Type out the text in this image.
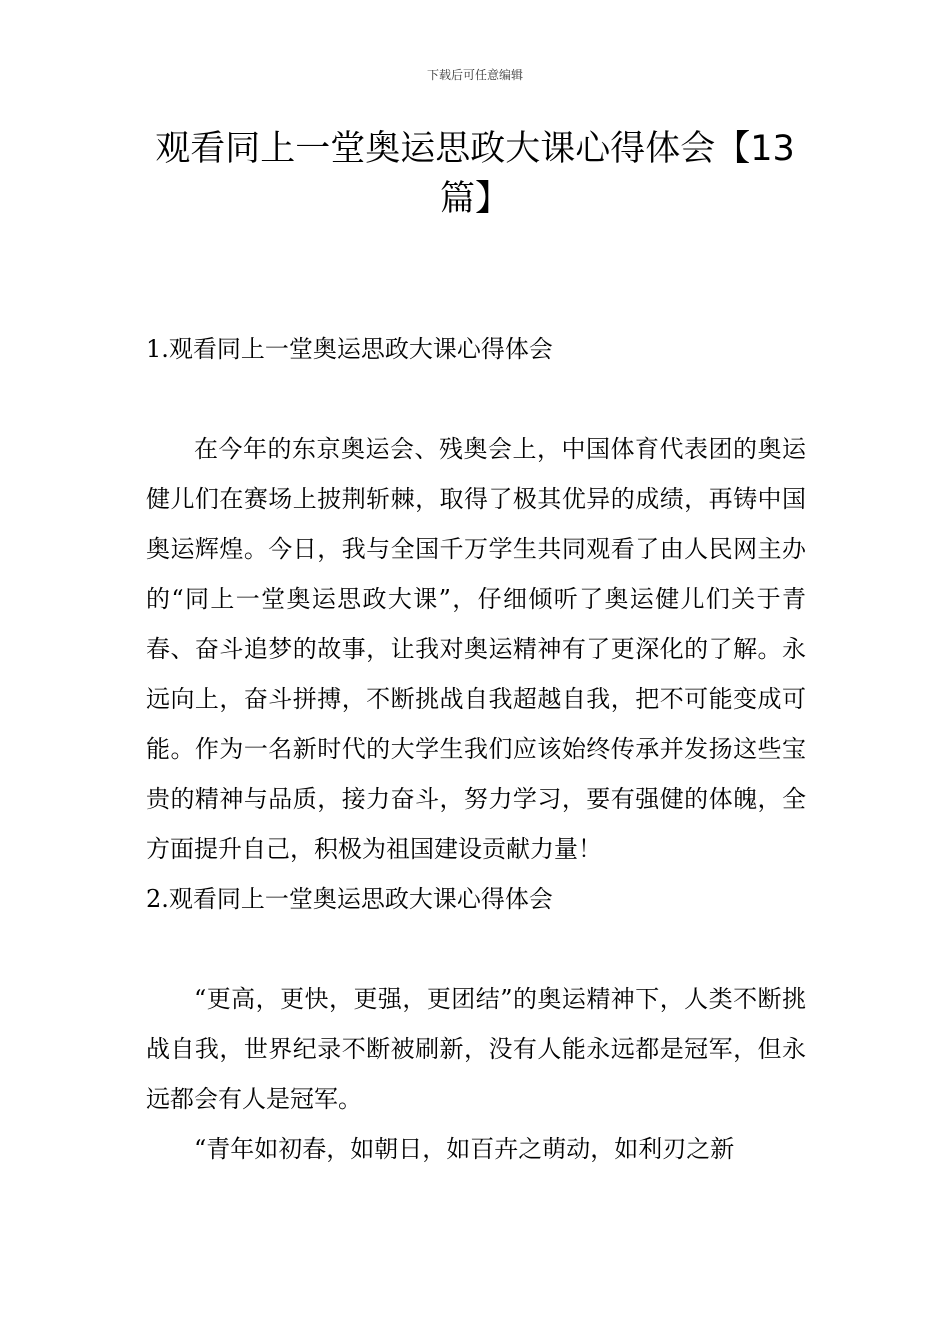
下载后可任意编辑
观看同上一堂奥运思政大课心得体会【13篇】
1.观看同上一堂奥运思政大课心得体会

在今年的东京奥运会、残奥会上，中国体育代表团的奥运健儿们在赛场上披荆斩棘，取得了极其优异的成绩，再铸中国奥运辉煌。今日，我与全国千万学生共同观看了由人民网主办的“同上一堂奥运思政大课”，仔细倾听了奥运健儿们关于青春、奋斗追梦的故事，让我对奥运精神有了更深化的了解。永远向上，奋斗拼搏，不断挑战自我超越自我，把不可能变成可能。作为一名新时代的大学生我们应该始终传承并发扬这些宝贵的精神与品质，接力奋斗，努力学习，要有强健的体魄，全方面提升自己，积极为祖国建设贡献力量！

2.观看同上一堂奥运思政大课心得体会

“更高，更快，更强，更团结”的奥运精神下，人类不断挑战自我，世界纪录不断被刷新，没有人能永远都是冠军，但永远都会有人是冠军。

“青年如初春，如朝日，如百卉之萌动，如利刃之新
